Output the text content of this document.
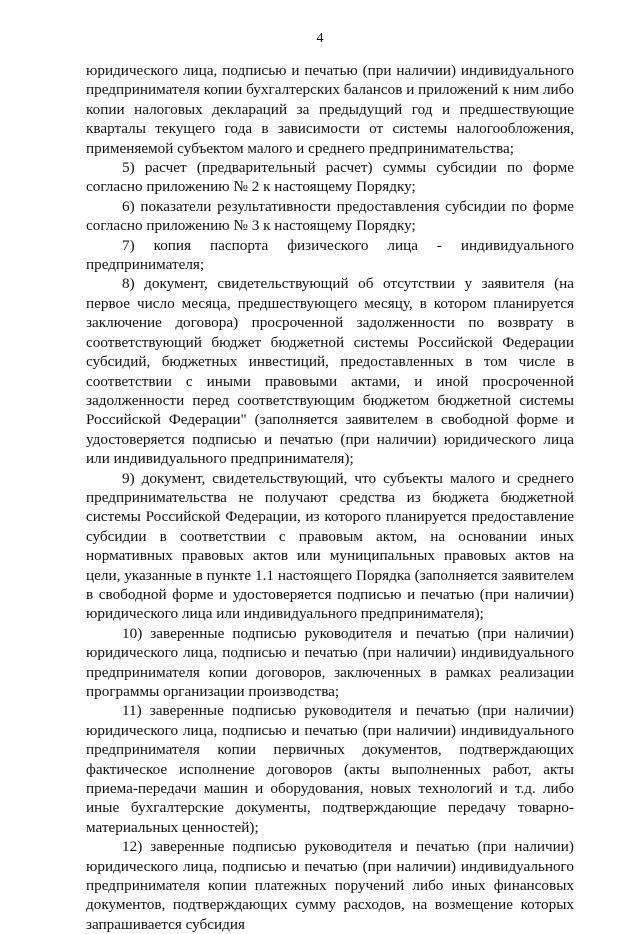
4

юридического лица, подписью и печатью (при наличии) индивидуального предпринимателя копии бухгалтерских балансов и приложений к ним либо копии налоговых деклараций за предыдущий год и предшествующие кварталы текущего года в зависимости от системы налогообложения, применяемой субъектом малого и среднего предпринимательства;

5) расчет (предварительный расчет) суммы субсидии по форме согласно приложению № 2 к настоящему Порядку;

6) показатели результативности предоставления субсидии по форме согласно приложению № 3 к настоящему Порядку;

7) копия паспорта физического лица - индивидуального предпринимателя;

8) документ, свидетельствующий об отсутствии у заявителя (на первое число месяца, предшествующего месяцу, в котором планируется заключение договора) просроченной задолженности по возврату в соответствующий бюджет бюджетной системы Российской Федерации субсидий, бюджетных инвестиций, предоставленных в том числе в соответствии с иными правовыми актами, и иной просроченной задолженности перед соответствующим бюджетом бюджетной системы Российской Федерации" (заполняется заявителем в свободной форме и удостоверяется подписью и печатью (при наличии) юридического лица или индивидуального предпринимателя);

9) документ, свидетельствующий, что субъекты малого и среднего предпринимательства не получают средства из бюджета бюджетной системы Российской Федерации, из которого планируется предоставление субсидии в соответствии с правовым актом, на основании иных нормативных правовых актов или муниципальных правовых актов на цели, указанные в пункте 1.1 настоящего Порядка (заполняется заявителем в свободной форме и удостоверяется подписью и печатью (при наличии) юридического лица или индивидуального предпринимателя);

10) заверенные подписью руководителя и печатью (при наличии) юридического лица, подписью и печатью (при наличии) индивидуального предпринимателя копии договоров, заключенных в рамках реализации программы организации производства;

11) заверенные подписью руководителя и печатью (при наличии) юридического лица, подписью и печатью (при наличии) индивидуального предпринимателя копии первичных документов, подтверждающих фактическое исполнение договоров (акты выполненных работ, акты приема-передачи машин и оборудования, новых технологий и т.д. либо иные бухгалтерские документы, подтверждающие передачу товарно-материальных ценностей);

12) заверенные подписью руководителя и печатью (при наличии) юридического лица, подписью и печатью (при наличии) индивидуального предпринимателя копии платежных поручений либо иных финансовых документов, подтверждающих сумму расходов, на возмещение которых запрашивается субсидия
